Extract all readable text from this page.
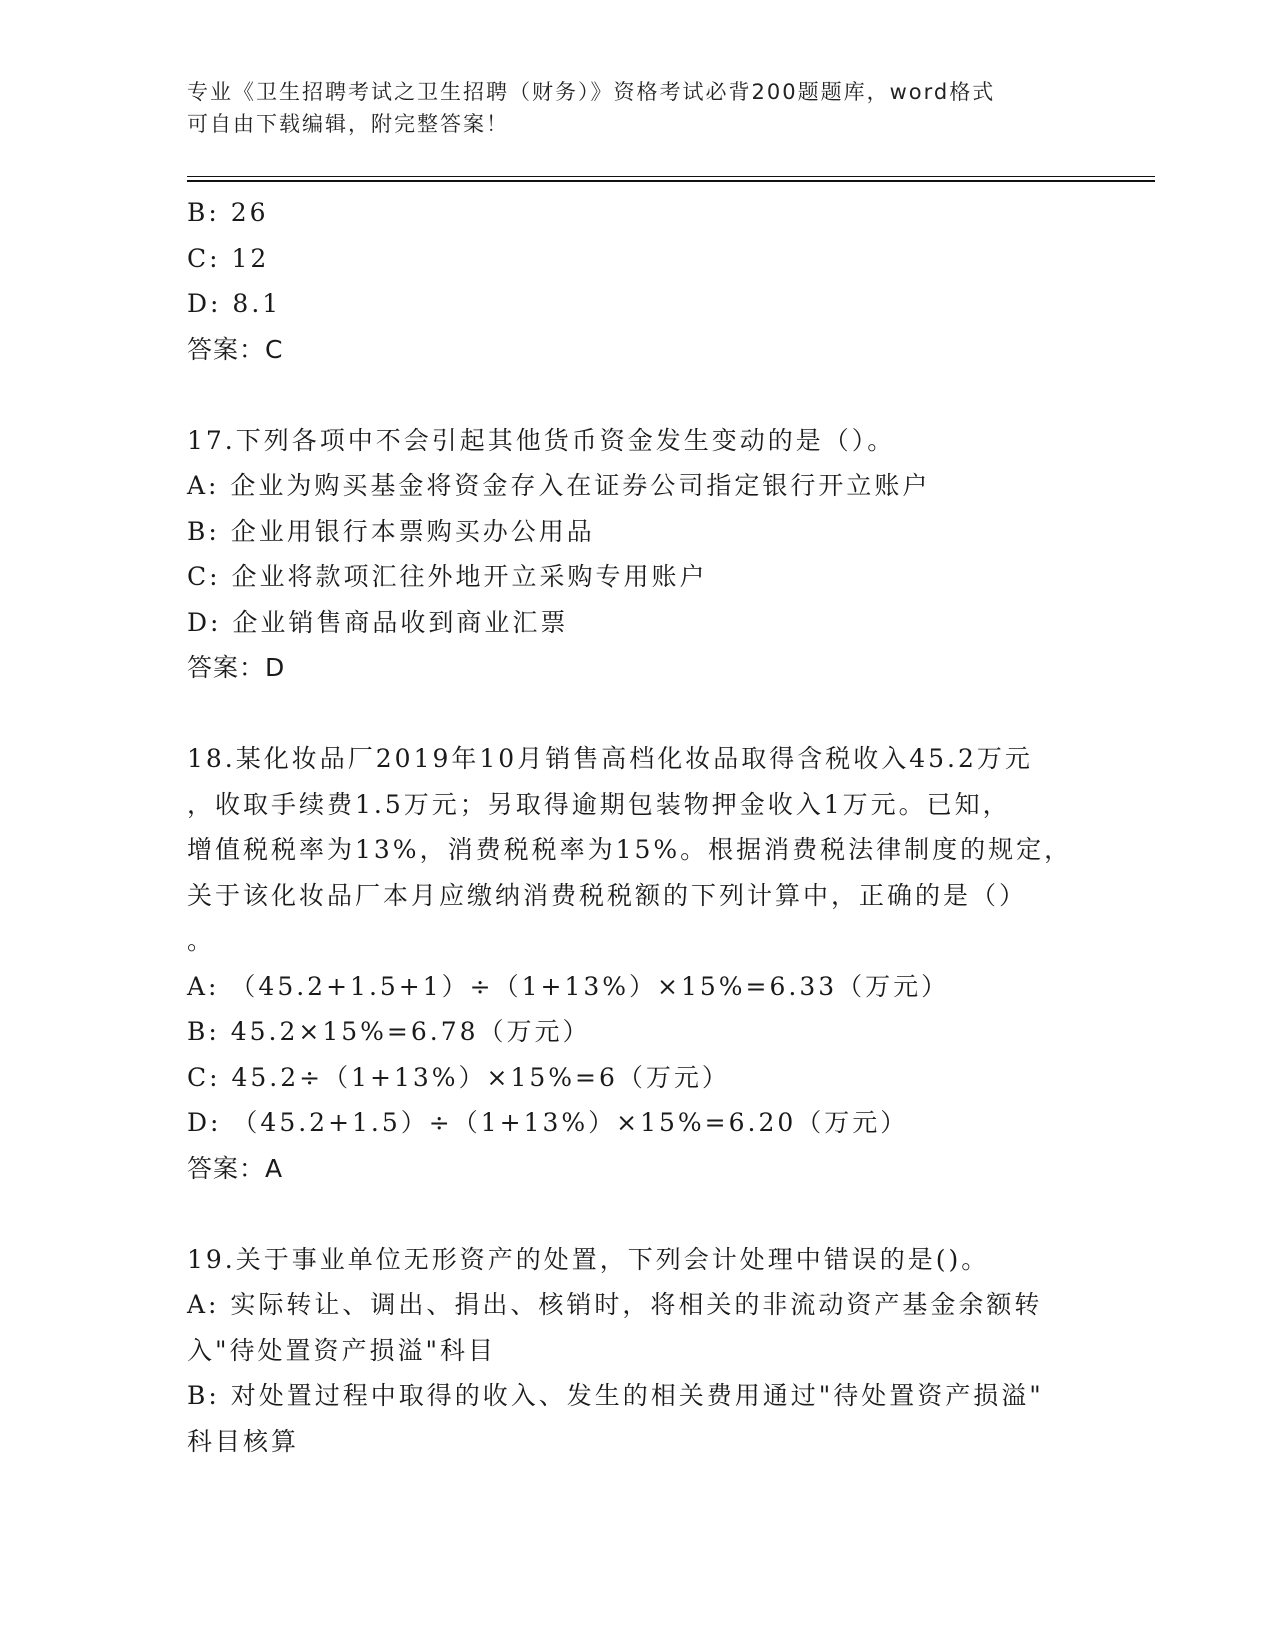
专业《卫生招聘考试之卫生招聘（财务）》资格考试必背200题题库，word格式
可自由下载编辑，附完整答案！
B: 26
C: 12
D: 8.1
答案：C
17.下列各项中不会引起其他货币资金发生变动的是（）。
A: 企业为购买基金将资金存入在证券公司指定银行开立账户
B: 企业用银行本票购买办公用品
C: 企业将款项汇往外地开立采购专用账户
D: 企业销售商品收到商业汇票
答案：D
18.某化妆品厂2019年10月销售高档化妆品取得含税收入45.2万元
，收取手续费1.5万元；另取得逾期包装物押金收入1万元。已知，
增值税税率为13%，消费税税率为15%。根据消费税法律制度的规定，
关于该化妆品厂本月应缴纳消费税税额的下列计算中，正确的是（）
。
A: （45.2+1.5+1）÷（1+13%）×15%=6.33（万元）
B: 45.2×15%=6.78（万元）
C: 45.2÷（1+13%）×15%=6（万元）
D: （45.2+1.5）÷（1+13%）×15%=6.20（万元）
答案：A
19.关于事业单位无形资产的处置，下列会计处理中错误的是()。
A: 实际转让、调出、捐出、核销时，将相关的非流动资产基金余额转
入"待处置资产损溢"科目
B: 对处置过程中取得的收入、发生的相关费用通过"待处置资产损溢"
科目核算
